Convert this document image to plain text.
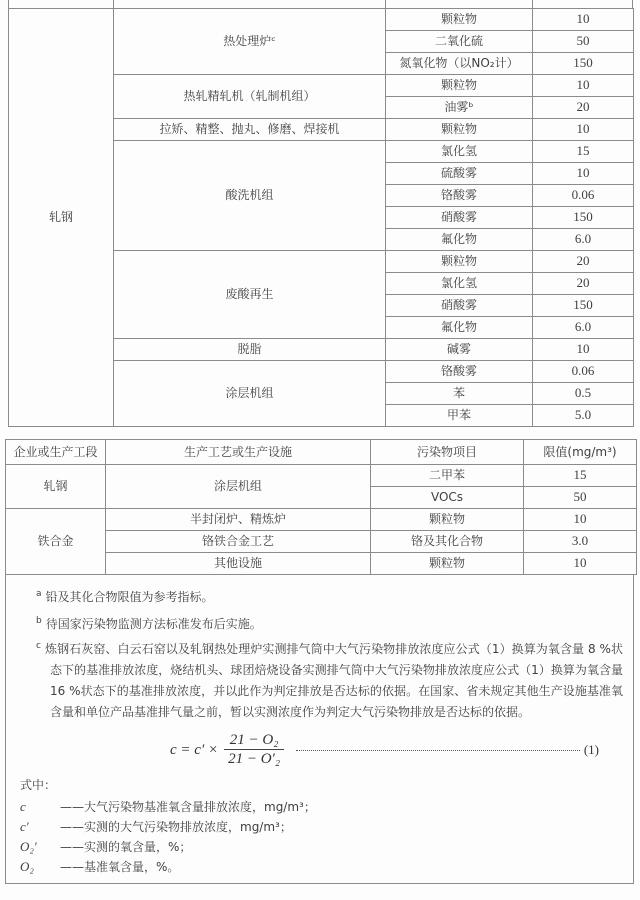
轧钢	热处理炉ᶜ	颗粒物	10
		二氧化硫	50
		氮氧化物（以NO₂计）	150
	热轧精轧机（轧制机组）	颗粒物	10
		油雾ᵇ	20
	拉矫、精整、抛丸、修磨、焊接机	颗粒物	10
	酸洗机组	氯化氢	15
		硫酸雾	10
		铬酸雾	0.06
		硝酸雾	150
		氟化物	6.0
	废酸再生	颗粒物	20
		氯化氢	20
		硝酸雾	150
		氟化物	6.0
	脱脂	碱雾	10
	涂层机组	铬酸雾	0.06
		苯	0.5
		甲苯	5.0
企业或生产工段	生产工艺或生产设施	污染物项目	限值(mg/m³)
轧钢	涂层机组	二甲苯	15
		VOCs	50
铁合金	半封闭炉、精炼炉	颗粒物	10
	铬铁合金工艺	铬及其化合物	3.0
	其他设施	颗粒物	10
$^a$ 铅及其化合物限值为参考指标。
$^b$ 待国家污染物监测方法标准发布后实施。
$^c$ 炼钢石灰窑、白云石窑以及轧钢热处理炉实测排气筒中大气污染物排放浓度应公式（1）换算为氧含量 8 %状态下的基准排放浓度，烧结机头、球团焙烧设备实测排气筒中大气污染物排放浓度应公式（1）换算为氧含量 16 %状态下的基准排放浓度，并以此作为判定排放是否达标的依据。在国家、省未规定其他生产设施基准氧含量和单位产品基准排气量之前，暂以实测浓度作为判定大气污染物排放是否达标的依据。
$c = c' \times \frac{\text{21 − O₂}}{\text{21 − O′₂}}$	(1)
式中：
c	——大气污染物基准氧含量排放浓度，mg/m³；
c′	——实测的大气污染物排放浓度，mg/m³；
O₂′	——实测的氧含量，%；
O₂	——基准氧含量，%。
